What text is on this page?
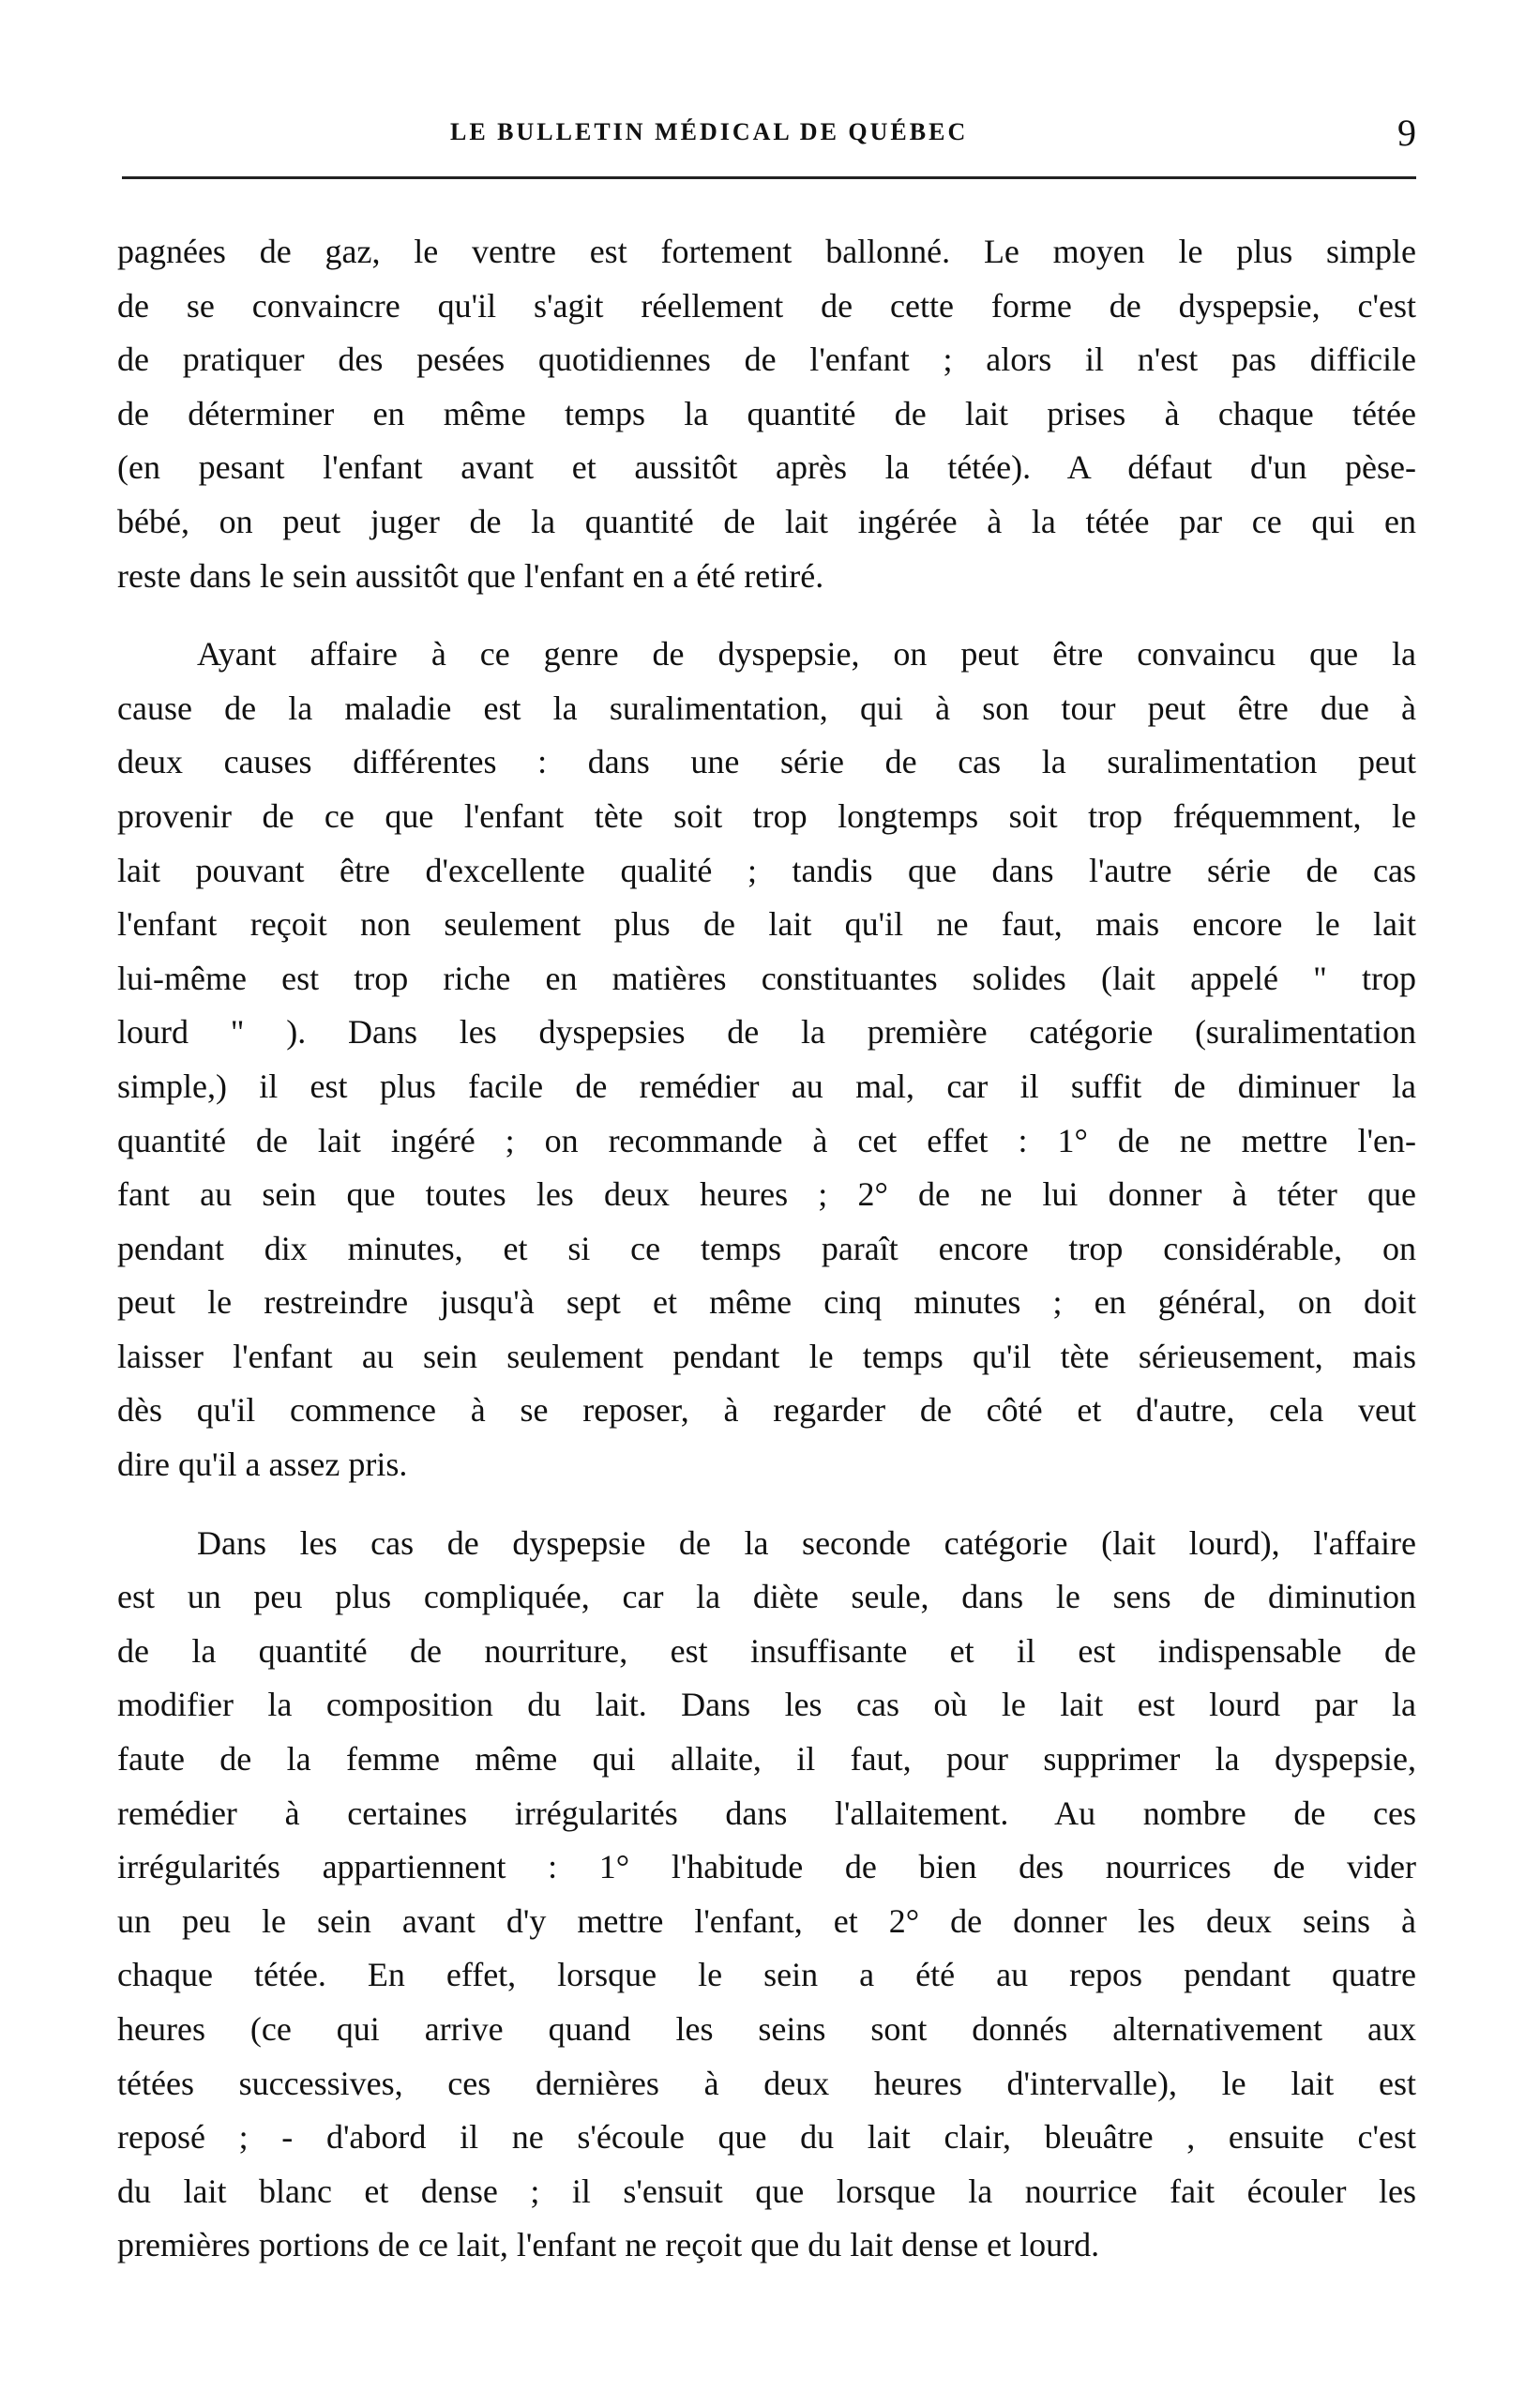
LE BULLETIN MÉDICAL DE QUÉBEC	9

pagnées de gaz, le ventre est fortement ballonné. Le moyen le plus simple
de se convaincre qu'il s'agit réellement de cette forme de dyspepsie, c'est
de pratiquer des pesées quotidiennes de l'enfant ; alors il n'est pas difficile
de déterminer en même temps la quantité de lait prises à chaque tétée
(en pesant l'enfant avant et aussitôt après la tétée). A défaut d'un pèse-
bébé, on peut juger de la quantité de lait ingérée à la tétée par ce qui en
reste dans le sein aussitôt que l'enfant en a été retiré.

Ayant affaire à ce genre de dyspepsie, on peut être convaincu que la
cause de la maladie est la suralimentation, qui à son tour peut être due à
deux causes différentes : dans une série de cas la suralimentation peut
provenir de ce que l'enfant tète soit trop longtemps soit trop fréquemment, le
lait pouvant être d'excellente qualité ; tandis que dans l'autre série de cas
l'enfant reçoit non seulement plus de lait qu'il ne faut, mais encore le lait
lui-même est trop riche en matières constituantes solides (lait appelé " trop
lourd " ). Dans les dyspepsies de la première catégorie (suralimentation
simple,) il est plus facile de remédier au mal, car il suffit de diminuer la
quantité de lait ingéré ; on recommande à cet effet : 1° de ne mettre l'en-
fant au sein que toutes les deux heures ; 2° de ne lui donner à téter que
pendant dix minutes, et si ce temps paraît encore trop considérable, on
peut le restreindre jusqu'à sept et même cinq minutes ; en général, on doit
laisser l'enfant au sein seulement pendant le temps qu'il tète sérieusement, mais
dès qu'il commence à se reposer, à regarder de côté et d'autre, cela veut
dire qu'il a assez pris.

Dans les cas de dyspepsie de la seconde catégorie (lait lourd), l'affaire
est un peu plus compliquée, car la diète seule, dans le sens de diminution
de la quantité de nourriture, est insuffisante et il est indispensable de
modifier la composition du lait. Dans les cas où le lait est lourd par la
faute de la femme même qui allaite, il faut, pour supprimer la dyspepsie,
remédier à certaines irrégularités dans l'allaitement. Au nombre de ces
irrégularités appartiennent : 1° l'habitude de bien des nourrices de vider
un peu le sein avant d'y mettre l'enfant, et 2° de donner les deux seins à
chaque tétée. En effet, lorsque le sein a été au repos pendant quatre
heures (ce qui arrive quand les seins sont donnés alternativement aux
tétées successives, ces dernières à deux heures d'intervalle), le lait est
reposé ; - d'abord il ne s'écoule que du lait clair, bleuâtre , ensuite c'est
du lait blanc et dense ; il s'ensuit que lorsque la nourrice fait écouler les
premières portions de ce lait, l'enfant ne reçoit que du lait dense et lourd.
